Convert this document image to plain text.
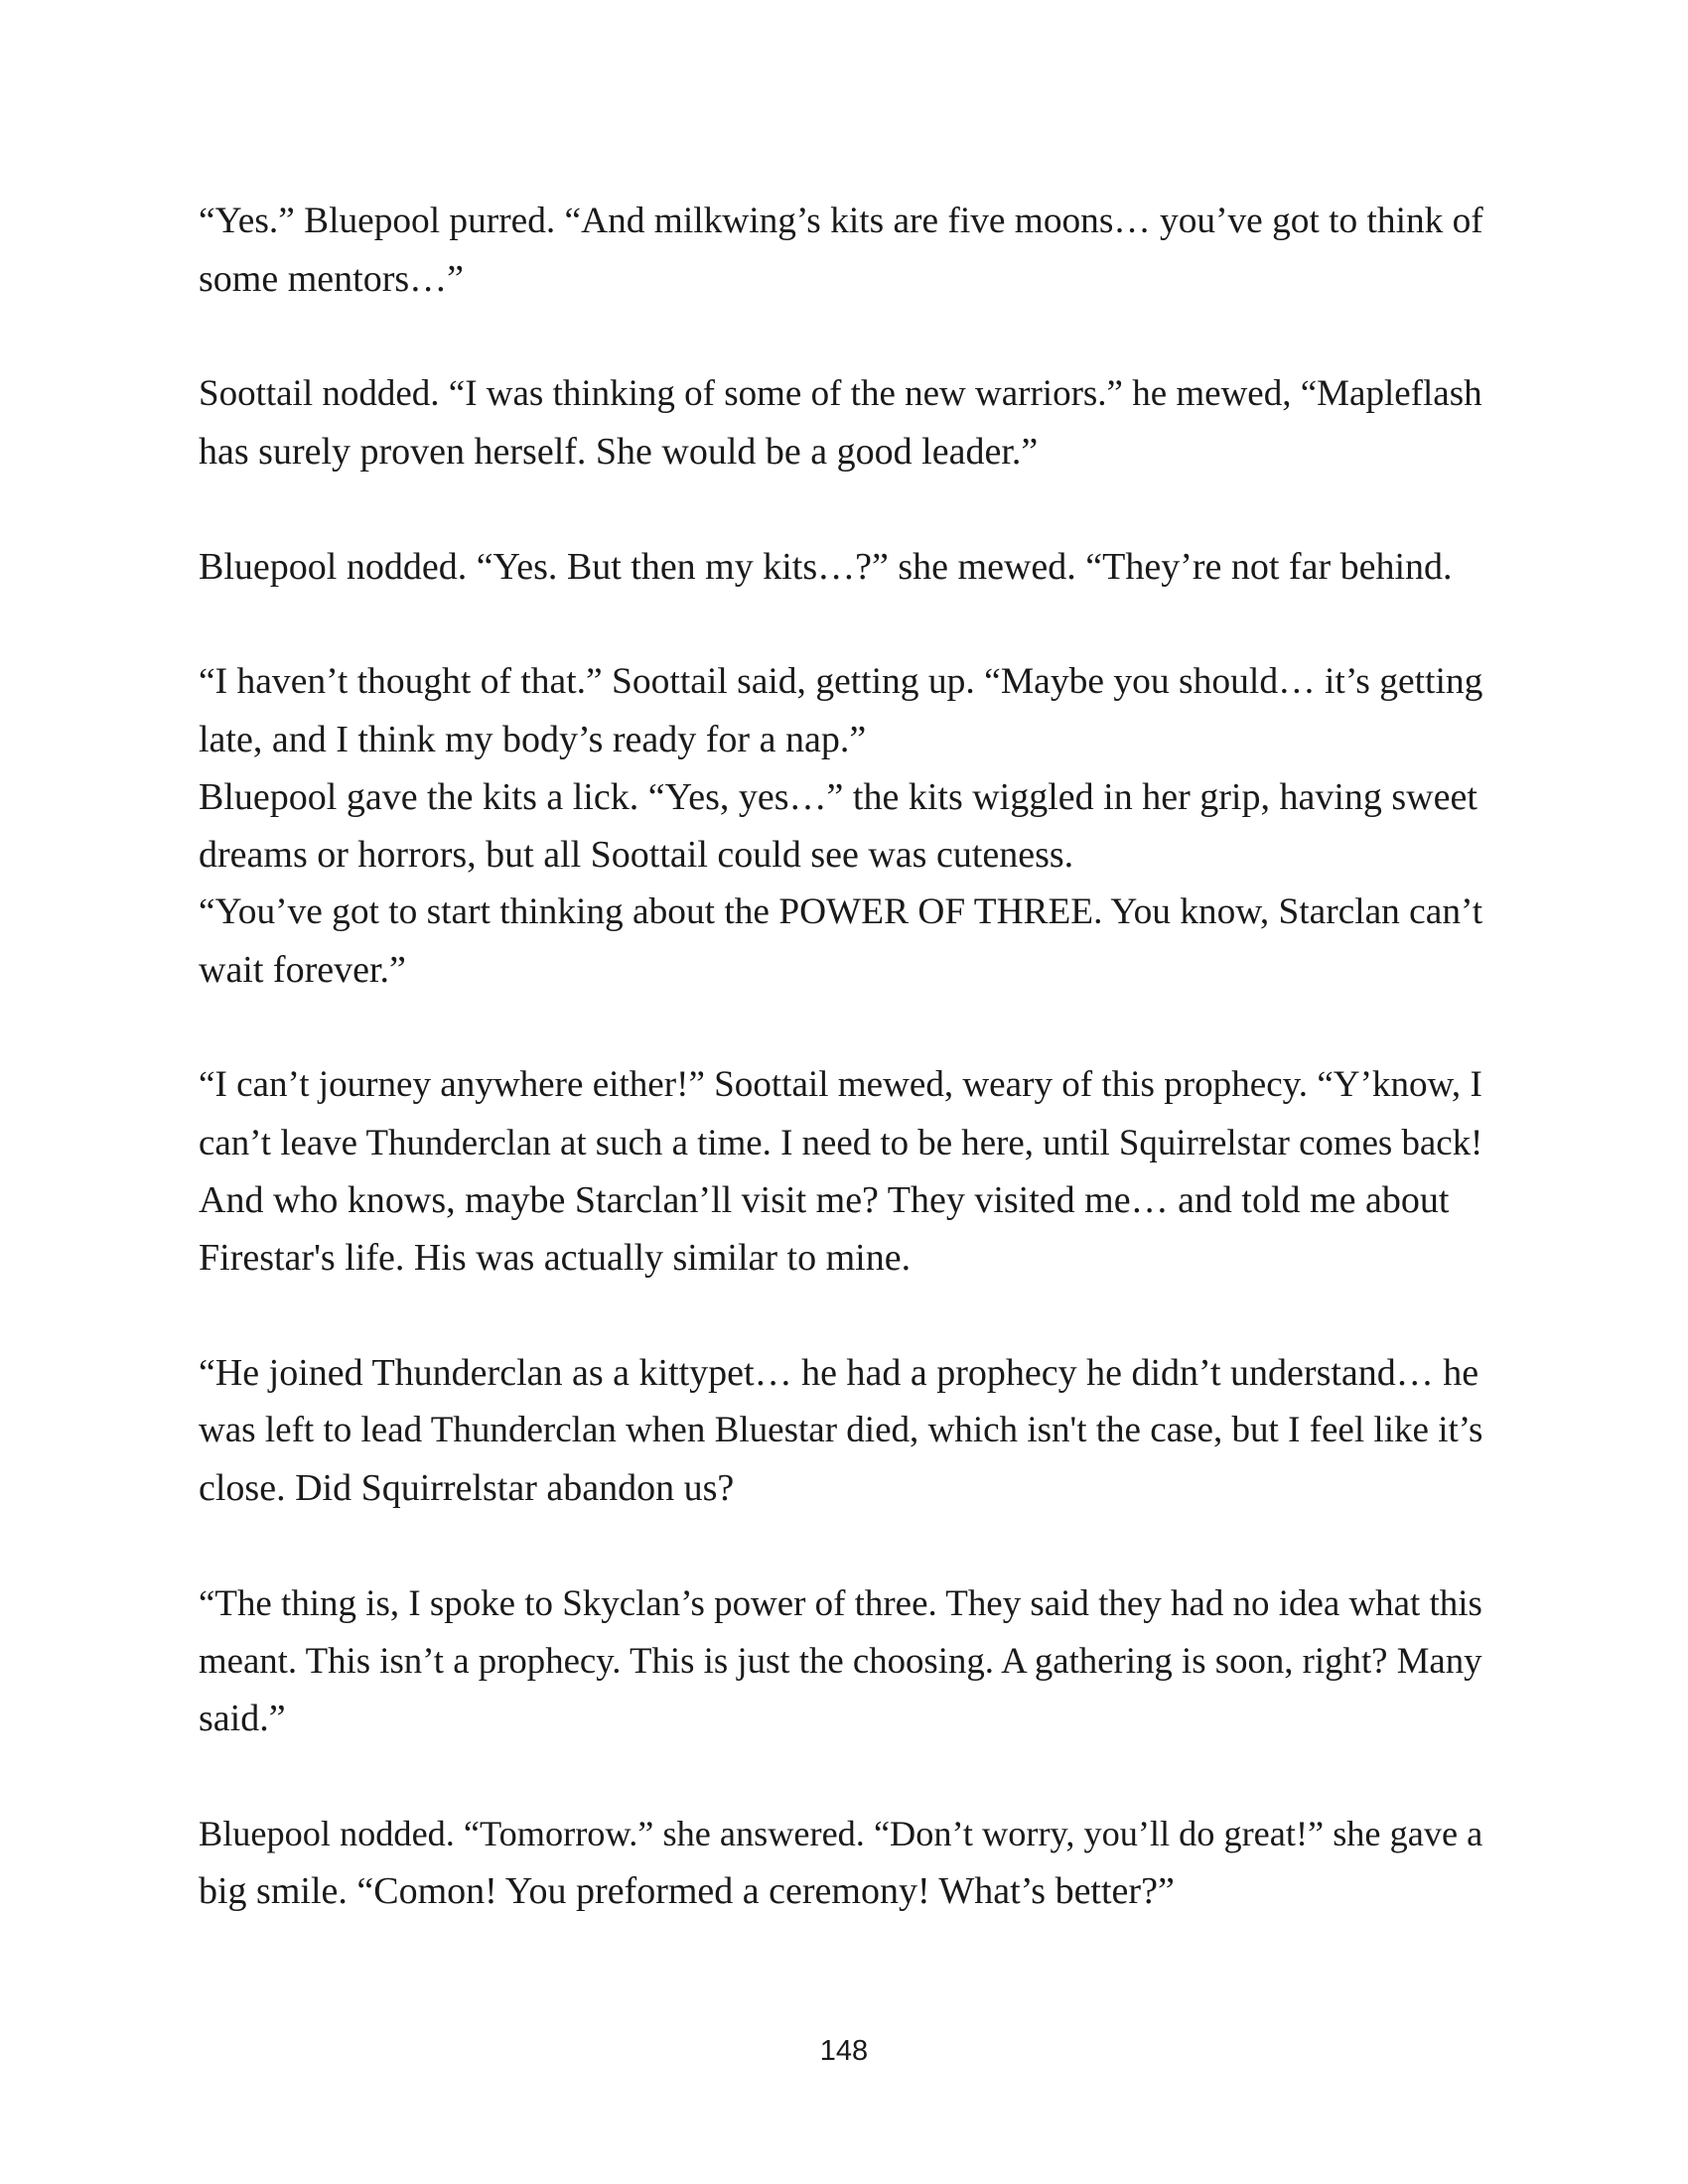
“Yes.” Bluepool purred. “And milkwing’s kits are five moons… you’ve got to think of
some mentors…”

Soottail nodded. “I was thinking of some of the new warriors.” he mewed, “Mapleflash
has surely proven herself. She would be a good leader.”

Bluepool nodded. “Yes. But then my kits…?” she mewed. “They’re not far behind.

“I haven’t thought of that.” Soottail said, getting up. “Maybe you should… it’s getting
late, and I think my body’s ready for a nap.”

Bluepool gave the kits a lick. “Yes, yes…” the kits wiggled in her grip, having sweet
dreams or horrors, but all Soottail could see was cuteness.

“You’ve got to start thinking about the POWER OF THREE. You know, Starclan can’t
wait forever.”

“I can’t journey anywhere either!” Soottail mewed, weary of this prophecy. “Y’know, I
can’t leave Thunderclan at such a time. I need to be here, until Squirrelstar comes back!
And who knows, maybe Starclan’ll visit me? They visited me… and told me about
Firestar's life. His was actually similar to mine.

“He joined Thunderclan as a kittypet… he had a prophecy he didn’t understand… he
was left to lead Thunderclan when Bluestar died, which isn't the case, but I feel like it’s
close. Did Squirrelstar abandon us?

“The thing is, I spoke to Skyclan’s power of three. They said they had no idea what this
meant. This isn’t a prophecy. This is just the choosing. A gathering is soon, right? Many
said.”

Bluepool nodded. “Tomorrow.” she answered. “Don’t worry, you’ll do great!” she gave a
big smile. “Comon! You preformed a ceremony! What’s better?”

148
